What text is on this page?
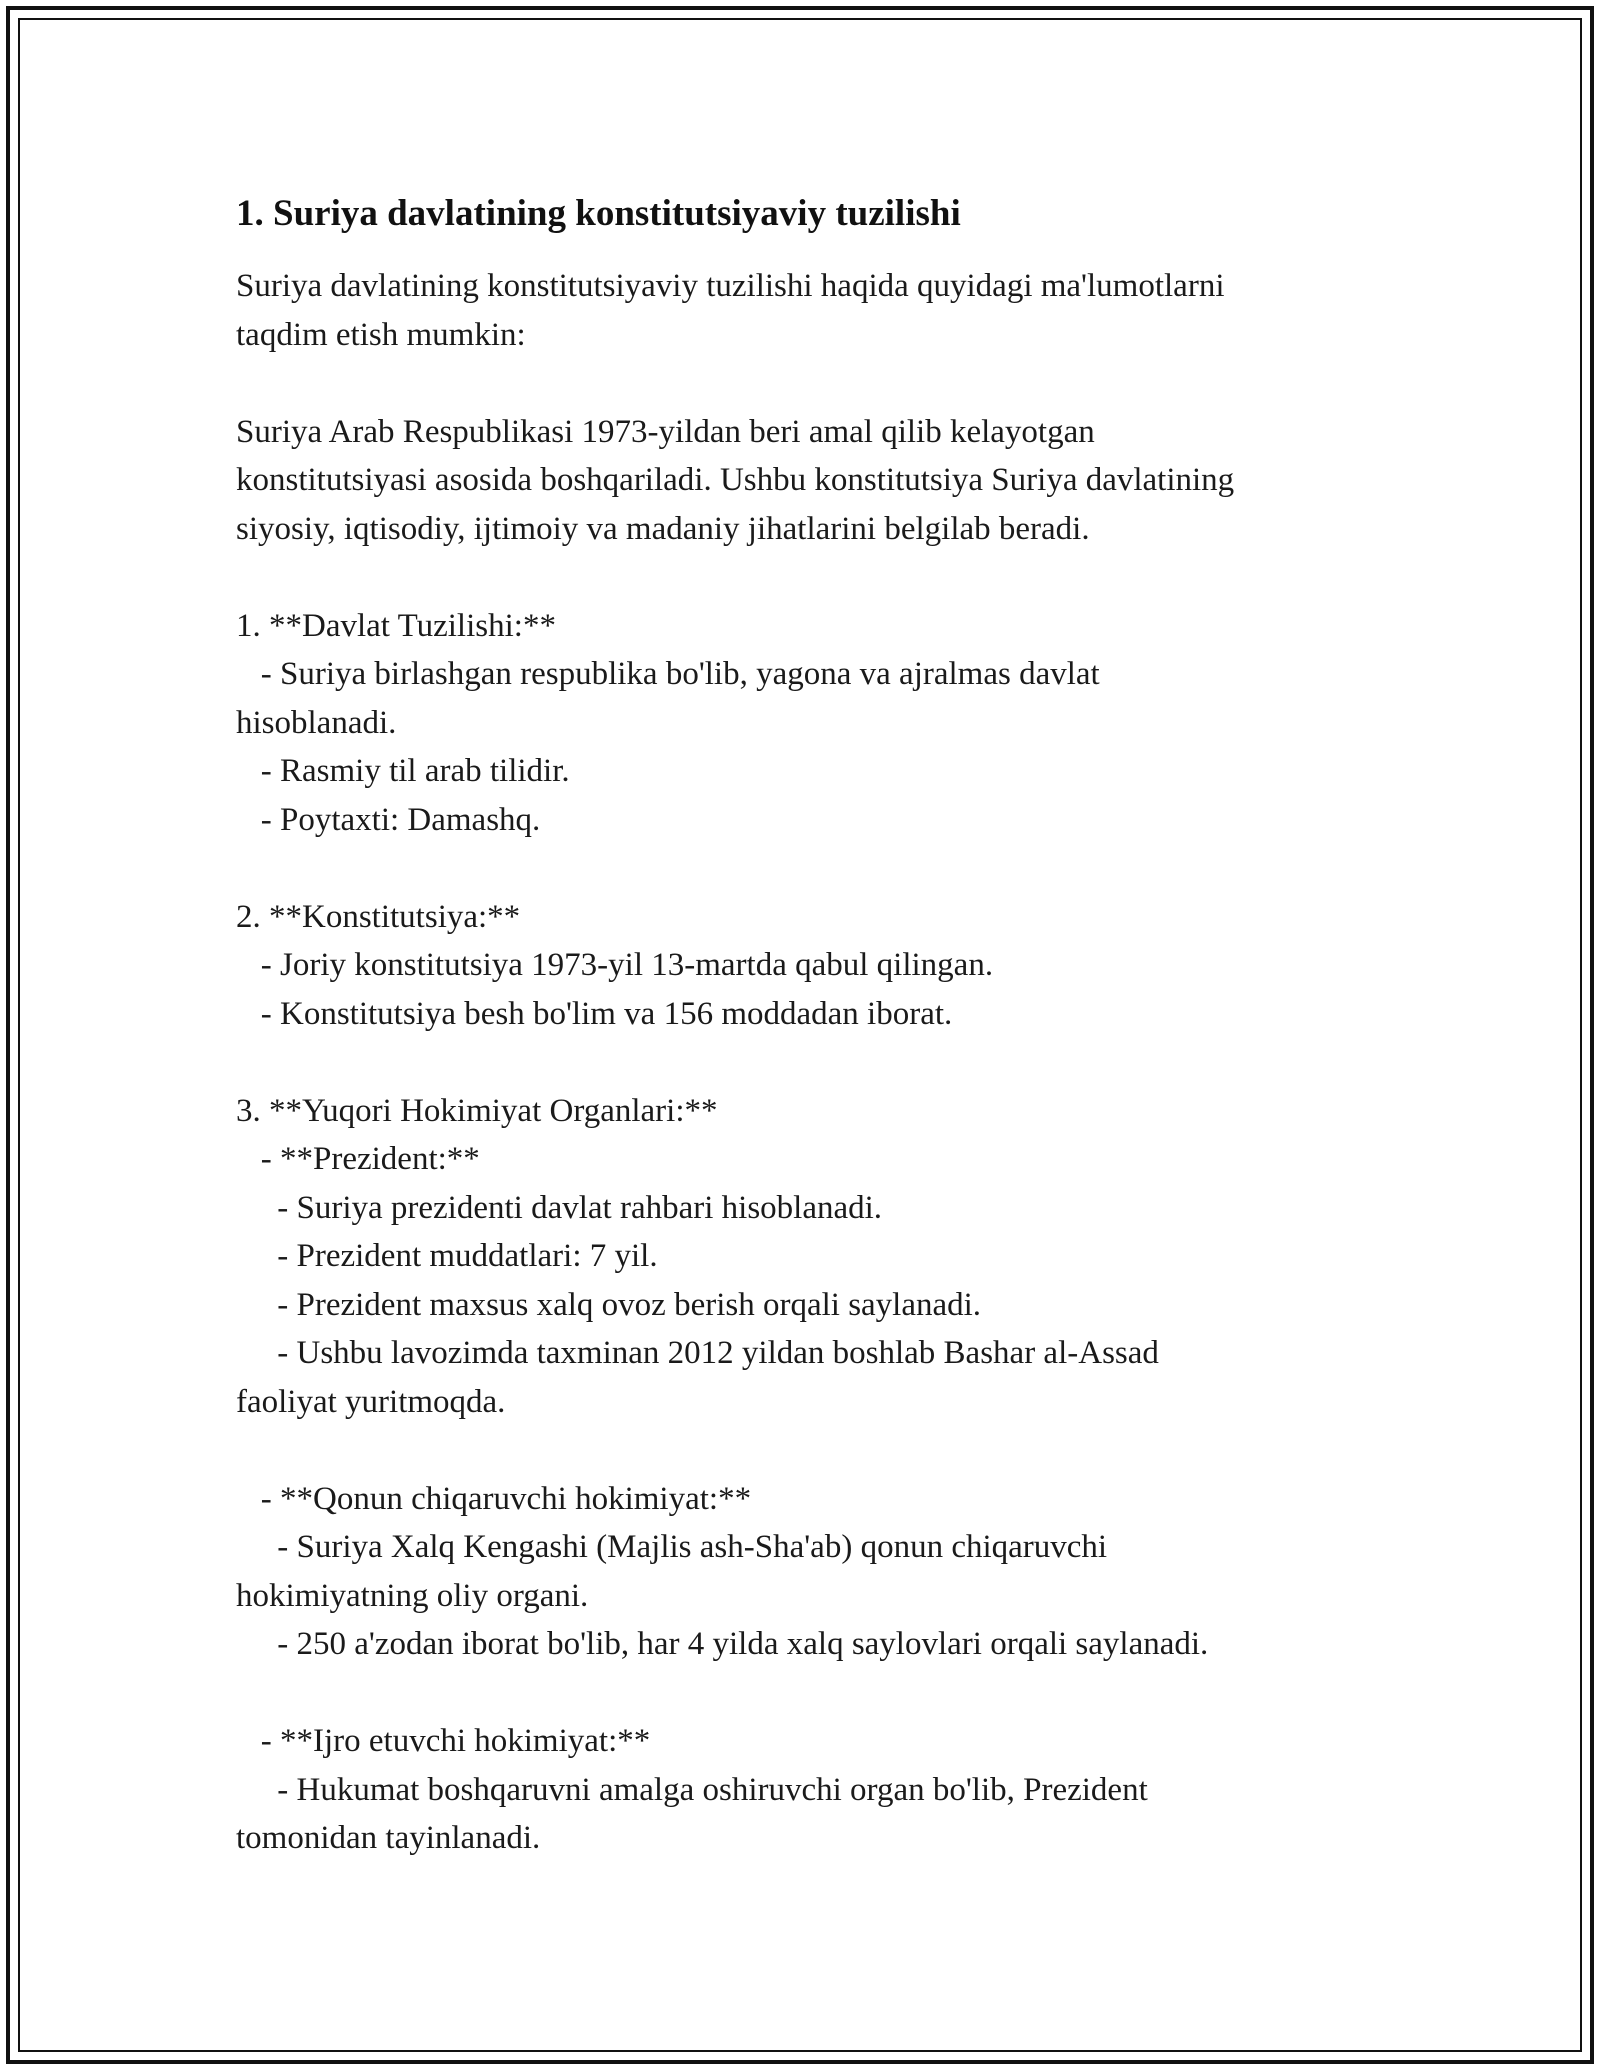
1. Suriya davlatining konstitutsiyaviy tuzilishi
Suriya davlatining konstitutsiyaviy tuzilishi haqida quyidagi ma'lumotlarni
taqdim etish mumkin:

Suriya Arab Respublikasi 1973-yildan beri amal qilib kelayotgan
konstitutsiyasi asosida boshqariladi. Ushbu konstitutsiya Suriya davlatining
siyosiy, iqtisodiy, ijtimoiy va madaniy jihatlarini belgilab beradi.

1. **Davlat Tuzilishi:**
- Suriya birlashgan respublika bo'lib, yagona va ajralmas davlat
hisoblanadi.
- Rasmiy til arab tilidir.
- Poytaxti: Damashq.

2. **Konstitutsiya:**
- Joriy konstitutsiya 1973-yil 13-martda qabul qilingan.
- Konstitutsiya besh bo'lim va 156 moddadan iborat.

3. **Yuqori Hokimiyat Organlari:**
- **Prezident:**
- Suriya prezidenti davlat rahbari hisoblanadi.
- Prezident muddatlari: 7 yil.
- Prezident maxsus xalq ovoz berish orqali saylanadi.
- Ushbu lavozimda taxminan 2012 yildan boshlab Bashar al-Assad
faoliyat yuritmoqda.

- **Qonun chiqaruvchi hokimiyat:**
- Suriya Xalq Kengashi (Majlis ash-Sha'ab) qonun chiqaruvchi
hokimiyatning oliy organi.
- 250 a'zodan iborat bo'lib, har 4 yilda xalq saylovlari orqali saylanadi.

- **Ijro etuvchi hokimiyat:**
- Hukumat boshqaruvni amalga oshiruvchi organ bo'lib, Prezident
tomonidan tayinlanadi.
